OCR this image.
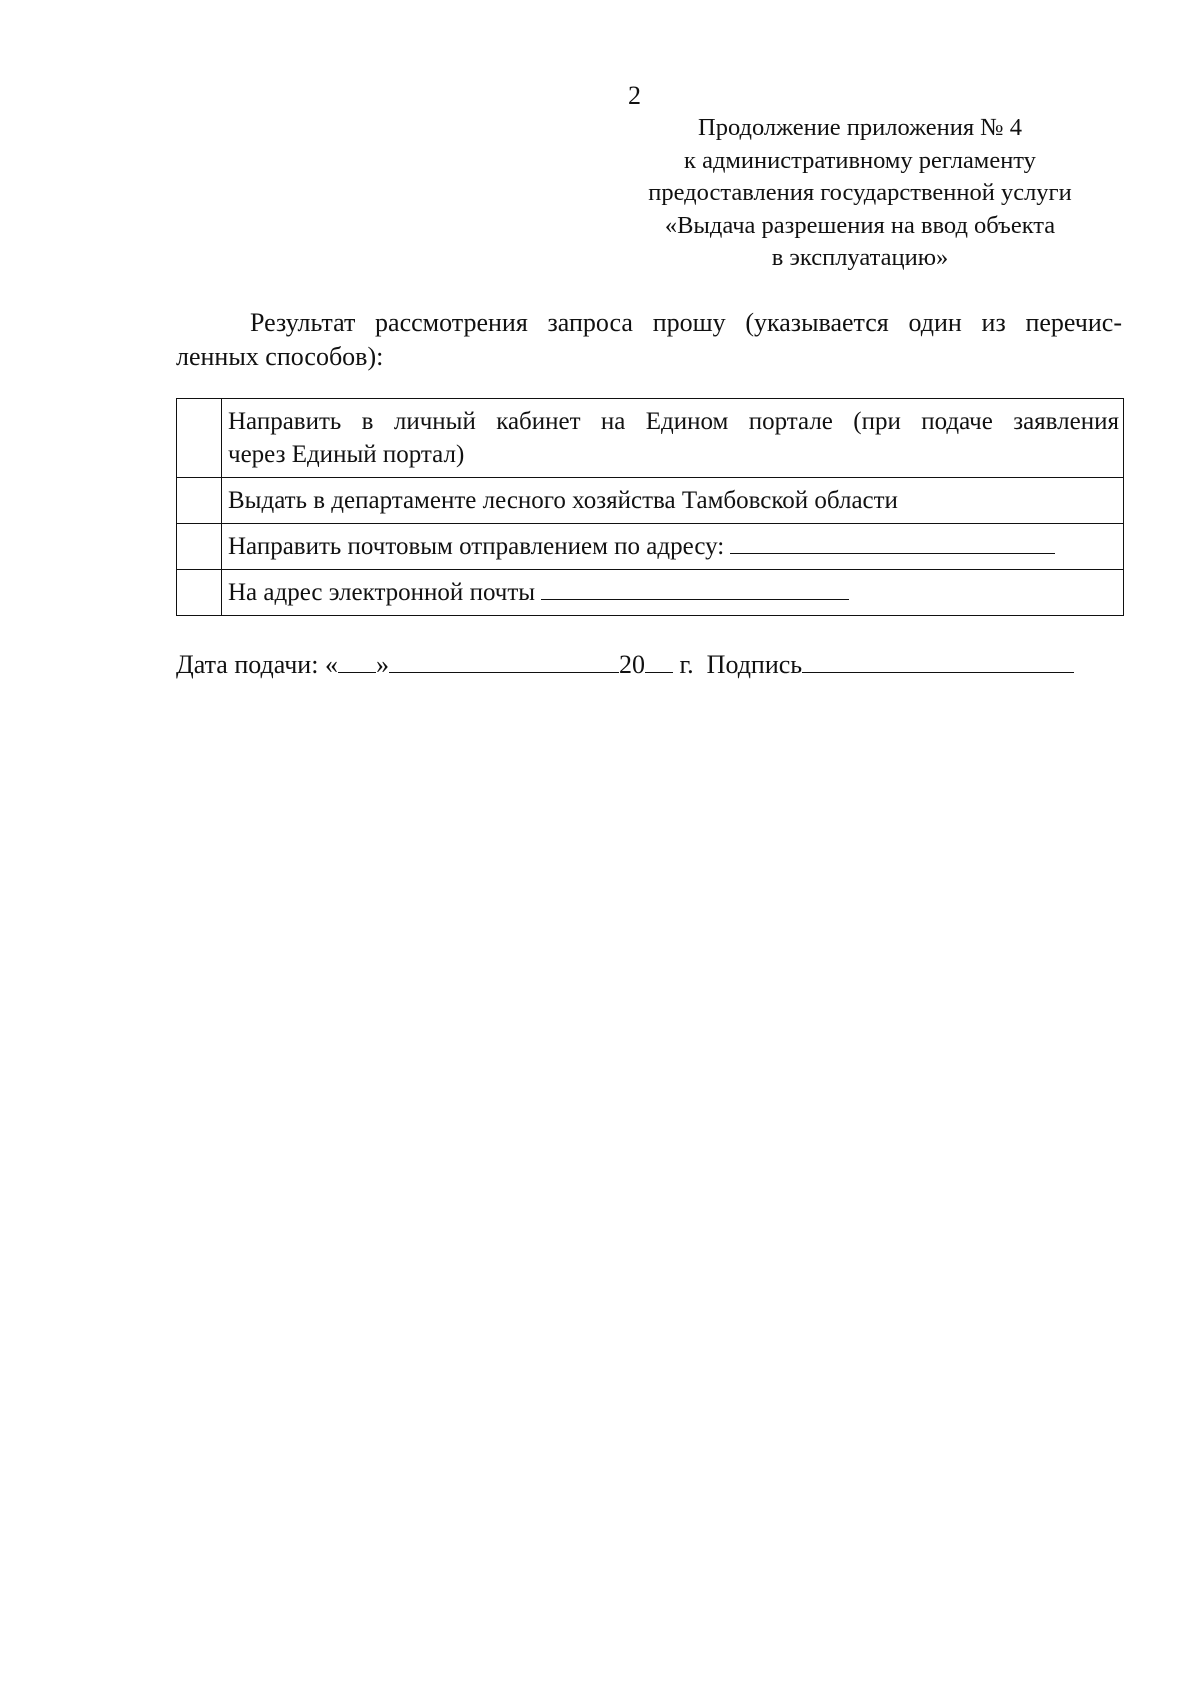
2
Продолжение приложения № 4
к административному регламенту
предоставления государственной услуги
«Выдача разрешения на ввод объекта
в эксплуатацию»
Результат рассмотрения запроса прошу (указывается один из перечис-
ленных способов):

	Направить в личный кабинет на Едином портале (при подаче заявления
через Единый портал)

	Выдать в департаменте лесного хозяйства Тамбовской области

	Направить почтовым отправлением по адресу:

	На адрес электронной почты
Дата подачи: « »	20 г. Подпись
